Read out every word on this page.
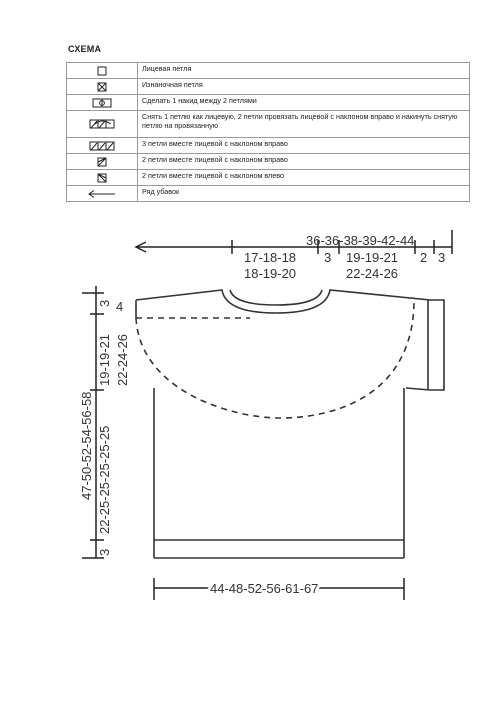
СХЕМА
	Лицевая петля

	Изнаночная петля

	Сделать 1 накид между 2 петлями

	Снять 1 петлю как лицевую, 2 петли провязать лицевой с наклоном вправо и накинуть снятую петлю на провязанную

	3 петли вместе лицевой с наклоном вправо

	2 петли вместе лицевой с наклоном вправо

	2 петли вместе лицевой с наклоном влево

	Ряд убавок
36-36-38-39-42-44
17-18-18
18-19-20
3 19-19-21
22-24-26
2 3
3 4
19-19-21 22-24-26
47-50-52-54-56-58 22-25-25-25-25-25
3
44-48-52-56-61-67
